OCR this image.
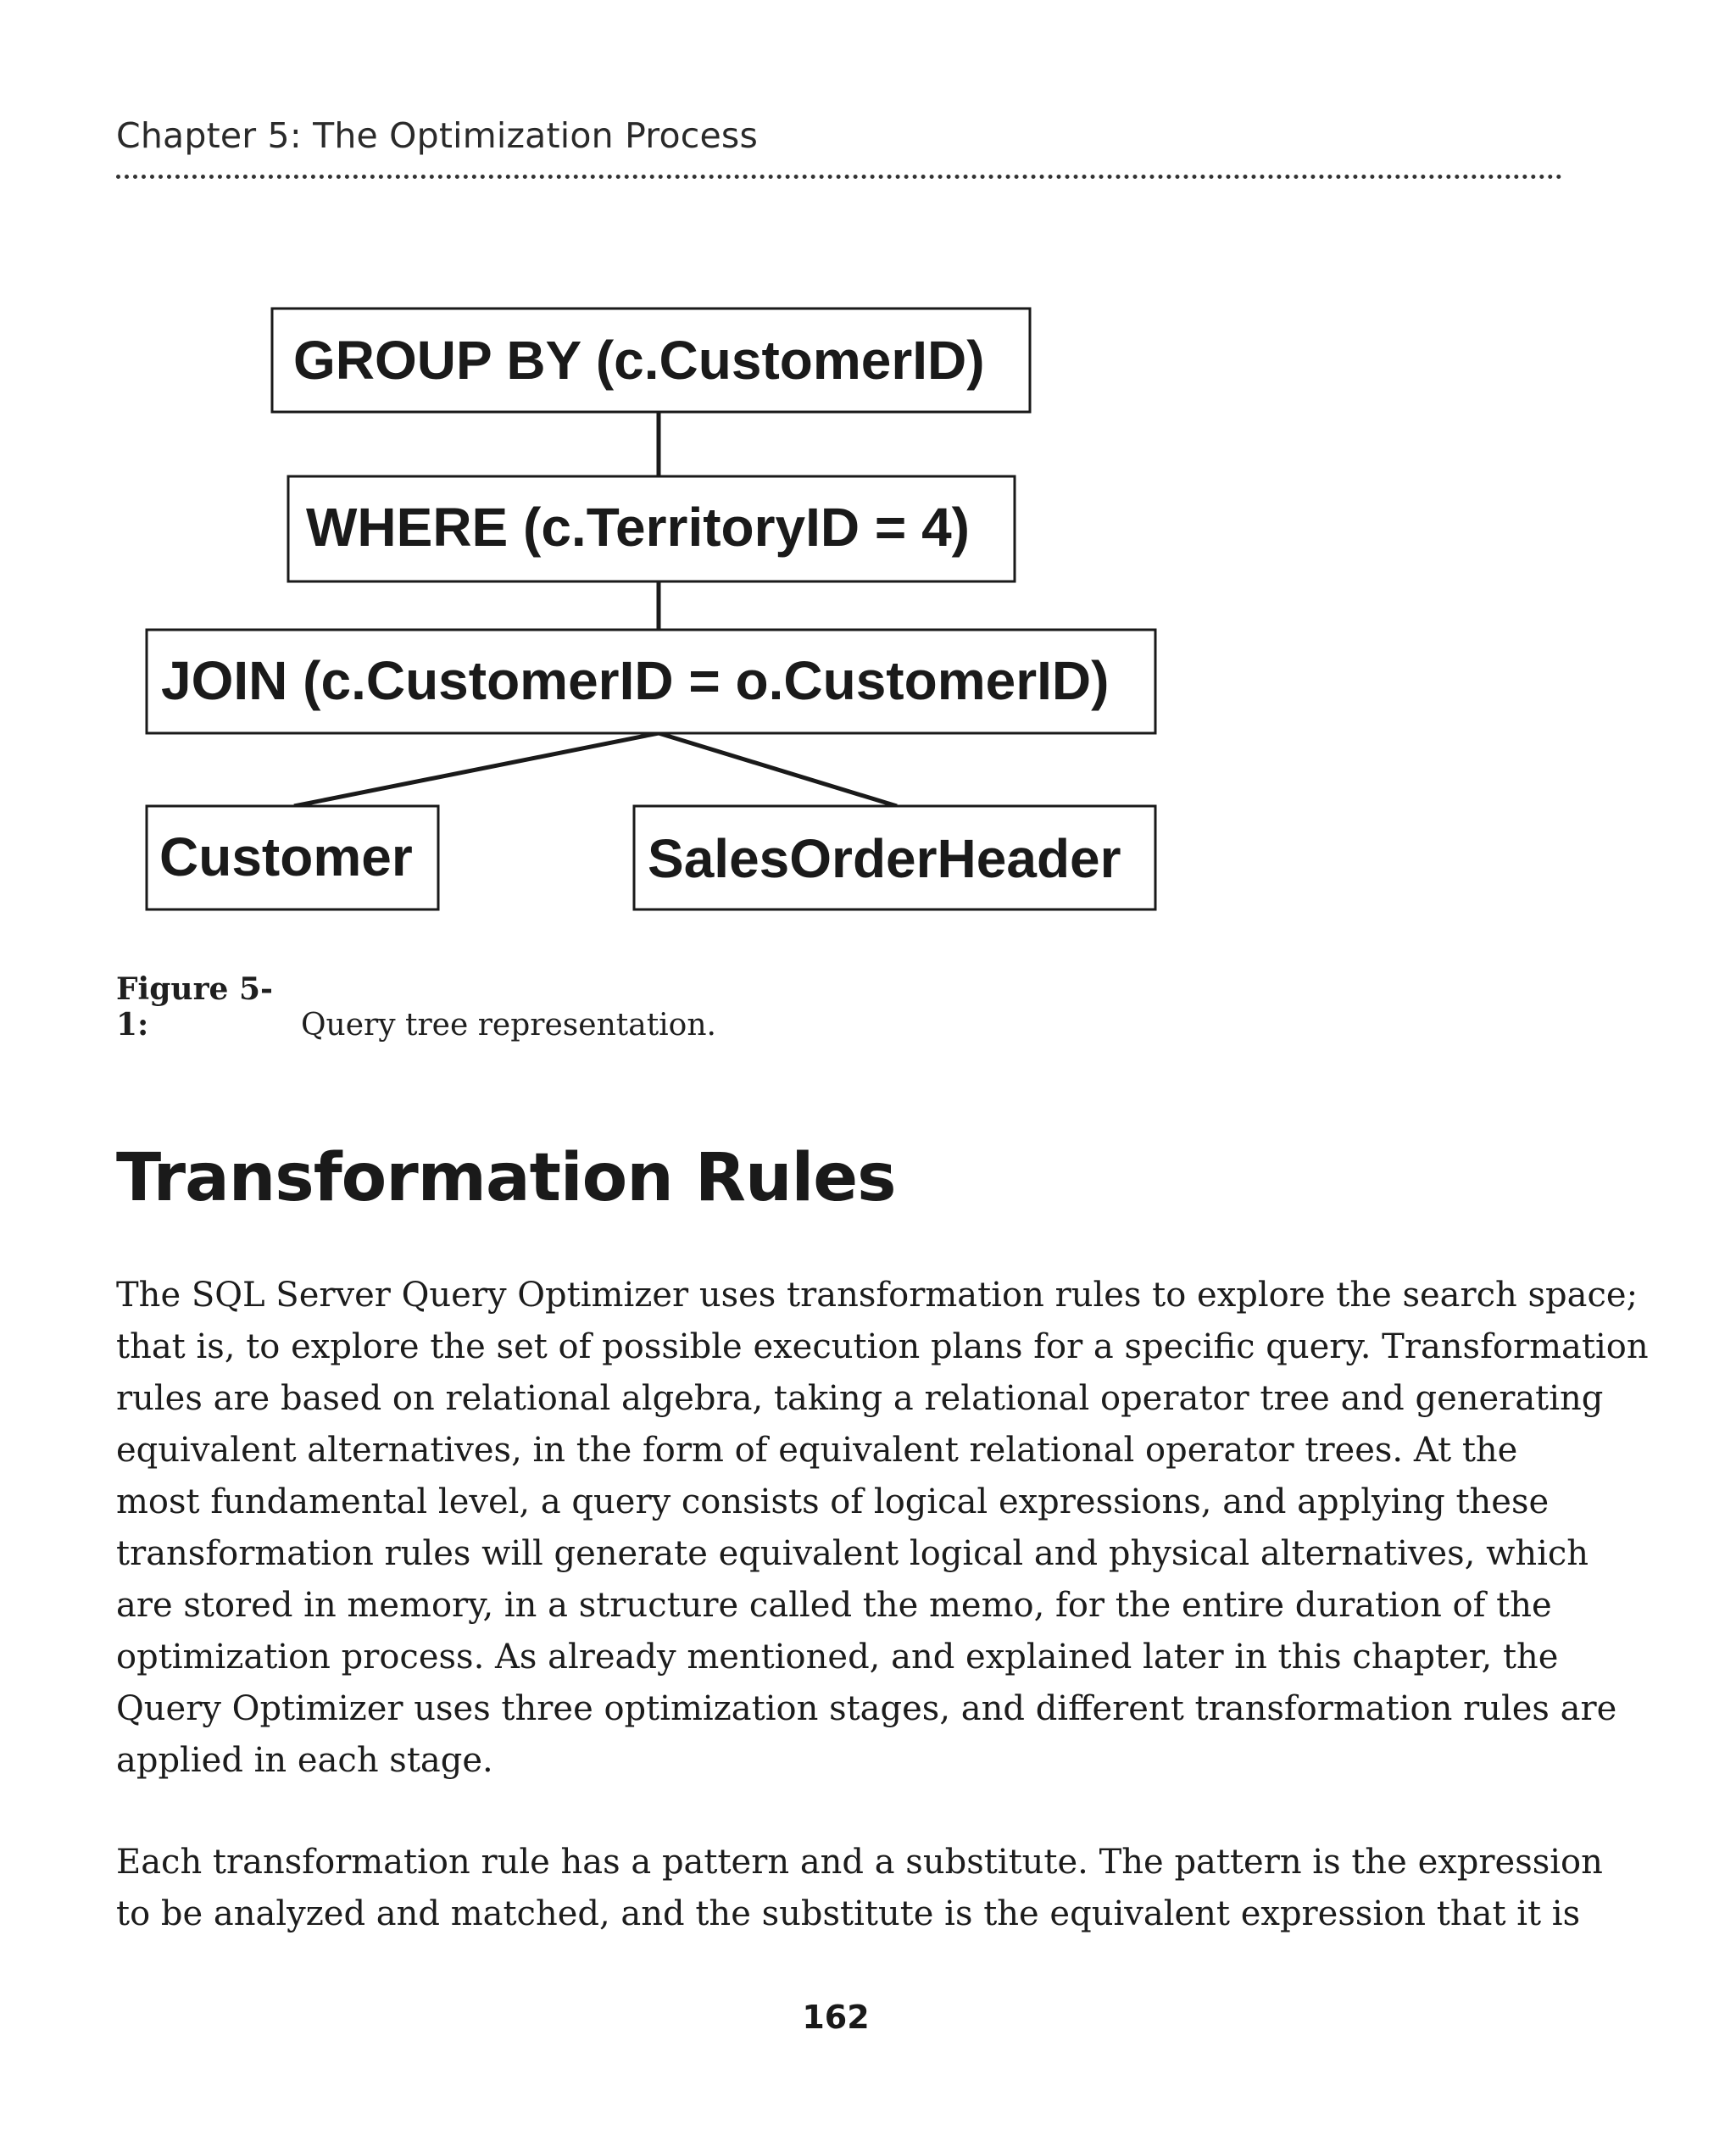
Chapter 5: The Optimization Process
GROUP BY (c.CustomerID)
WHERE (c.TerritoryID = 4)
JOIN (c.CustomerID = o.CustomerID)
Customer	SalesOrderHeader
Figure 5-1:	Query tree representation.
Transformation Rules
The SQL Server Query Optimizer uses transformation rules to explore the search space;
that is, to explore the set of possible execution plans for a specific query. Transformation
rules are based on relational algebra, taking a relational operator tree and generating
equivalent alternatives, in the form of equivalent relational operator trees. At the
most fundamental level, a query consists of logical expressions, and applying these
transformation rules will generate equivalent logical and physical alternatives, which
are stored in memory, in a structure called the memo, for the entire duration of the
optimization process. As already mentioned, and explained later in this chapter, the
Query Optimizer uses three optimization stages, and different transformation rules are
applied in each stage.
Each transformation rule has a pattern and a substitute. The pattern is the expression
to be analyzed and matched, and the substitute is the equivalent expression that it is
162
